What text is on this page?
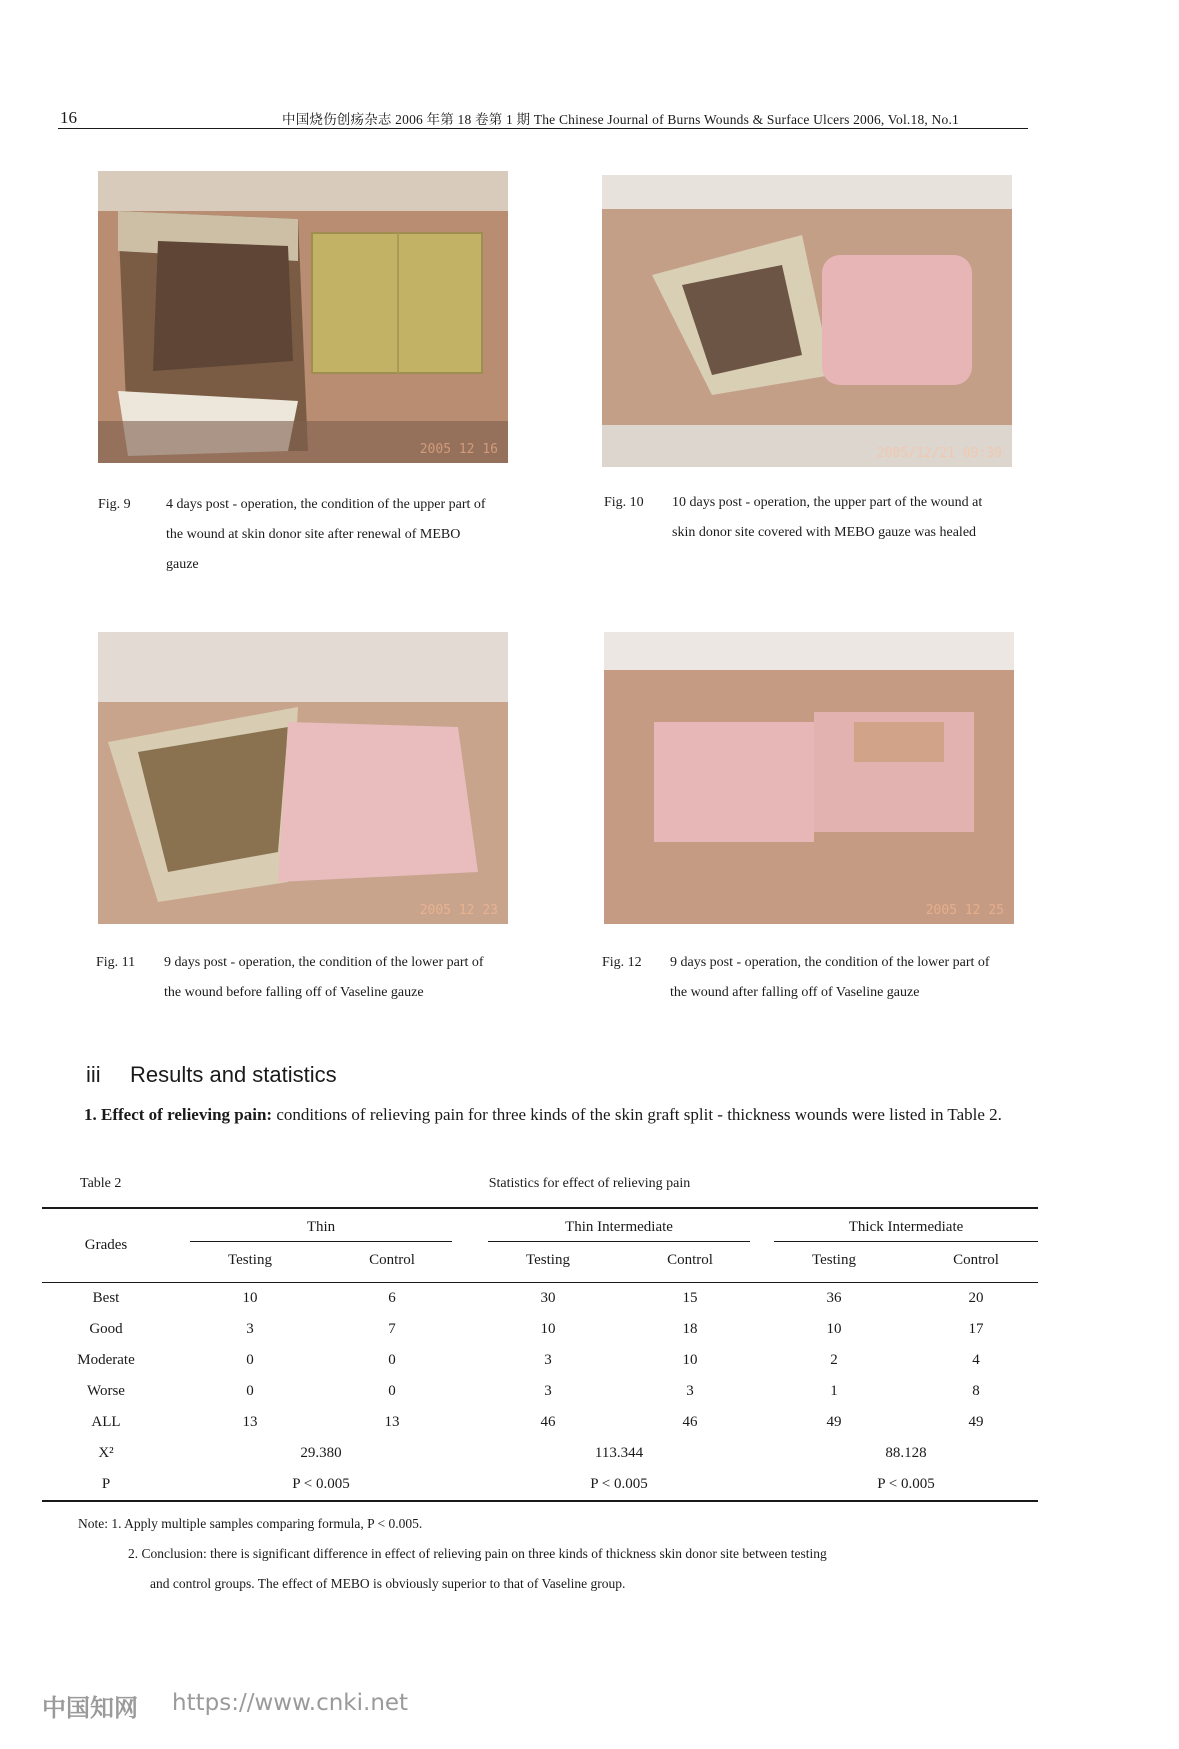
16	中国烧伤创疡杂志 2006 年第 18 卷第 1 期 The Chinese Journal of Burns Wounds & Surface Ulcers 2006, Vol.18, No.1
2005 12 16	2005/12/21 09:39
Fig. 9	4 days post - operation, the condition of the upper part of the wound at skin donor site after renewal of MEBO gauze
Fig. 10 10 days post - operation, the upper part of the wound at skin donor site covered with MEBO gauze was healed
2005 12 23	2005 12 25
Fig. 11 9 days post - operation, the condition of the lower part of the wound before falling off of Vaseline gauze
Fig. 12 9 days post - operation, the condition of the lower part of the wound after falling off of Vaseline gauze
iii Results and statistics
1. Effect of relieving pain: conditions of relieving pain for three kinds of the skin graft split - thickness wounds were listed in Table 2.
Table 2	Statistics for effect of relieving pain
Grades
Thin	Thin Intermediate	Thick Intermediate
Testing	Control	Testing	Control	Testing	Control
Best	10	6	30	15	36	20
Good	3	7	10	18	10	17
Moderate	0	0	3	10	2	4
Worse	0	0	3	3	1	8
ALL	13	13	46	46	49	49
X²	29.380	113.344	88.128
P	P < 0.005	P < 0.005	P < 0.005
Note: 1. Apply multiple samples comparing formula, P < 0.005.
2. Conclusion: there is significant difference in effect of relieving pain on three kinds of thickness skin donor site between testing
and control groups. The effect of MEBO is obviously superior to that of Vaseline group.
中国知网 https://www.cnki.net
